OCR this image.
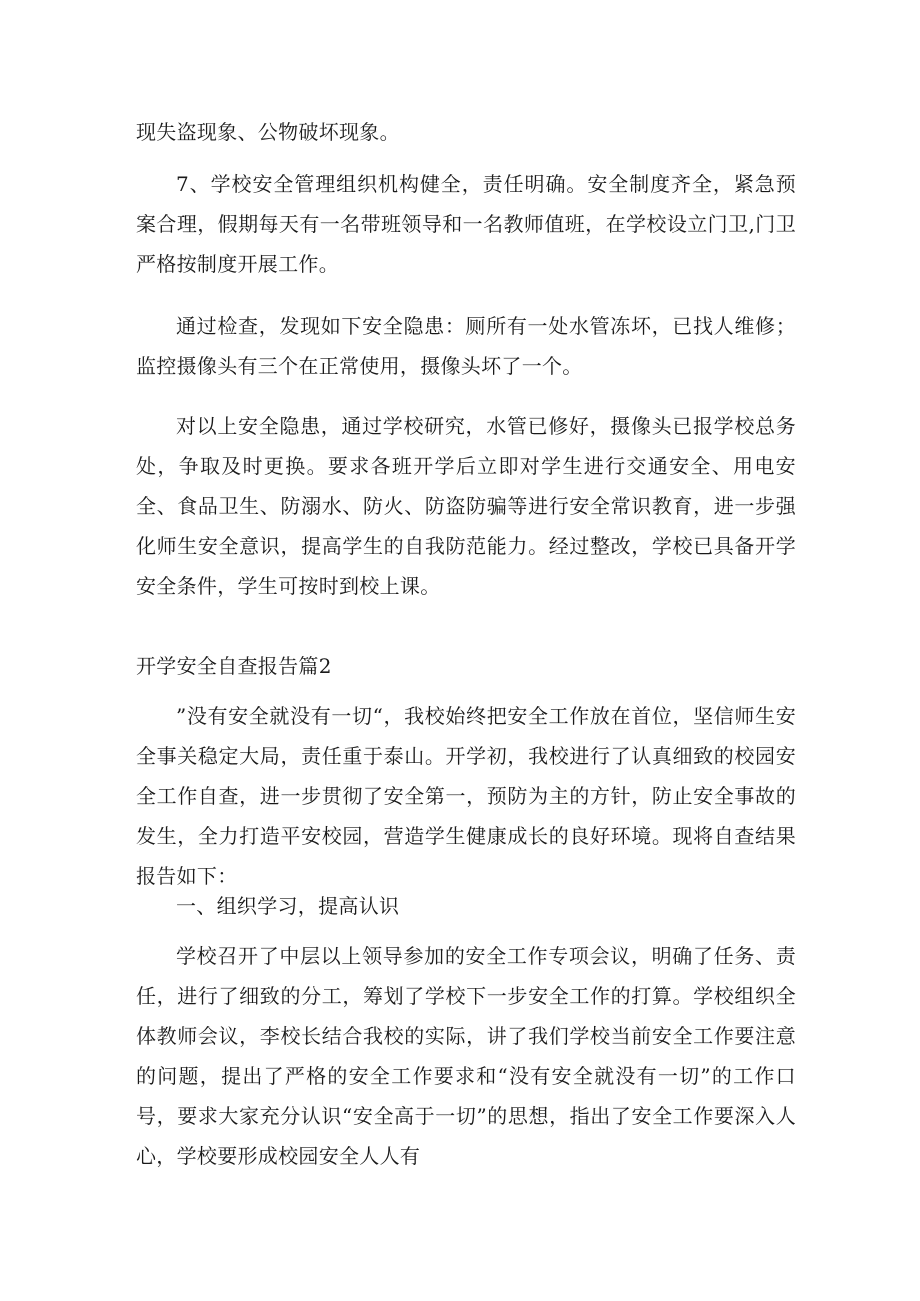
现失盗现象、公物破坏现象。

7、学校安全管理组织机构健全，责任明确。安全制度齐全，紧急预案合理，假期每天有一名带班领导和一名教师值班，在学校设立门卫,门卫严格按制度开展工作。

通过检查，发现如下安全隐患：厕所有一处水管冻坏，已找人维修；监控摄像头有三个在正常使用，摄像头坏了一个。

对以上安全隐患，通过学校研究，水管已修好，摄像头已报学校总务处，争取及时更换。要求各班开学后立即对学生进行交通安全、用电安全、食品卫生、防溺水、防火、防盗防骗等进行安全常识教育，进一步强化师生安全意识，提高学生的自我防范能力。经过整改，学校已具备开学安全条件，学生可按时到校上课。

开学安全自查报告篇2

”没有安全就没有一切“，我校始终把安全工作放在首位，坚信师生安全事关稳定大局，责任重于泰山。开学初，我校进行了认真细致的校园安全工作自查，进一步贯彻了安全第一，预防为主的方针，防止安全事故的发生，全力打造平安校园，营造学生健康成长的良好环境。现将自查结果报告如下：

一、组织学习，提高认识

学校召开了中层以上领导参加的安全工作专项会议，明确了任务、责任，进行了细致的分工，筹划了学校下一步安全工作的打算。学校组织全体教师会议，李校长结合我校的实际，讲了我们学校当前安全工作要注意的问题，提出了严格的安全工作要求和“没有安全就没有一切”的工作口号，要求大家充分认识“安全高于一切”的思想，指出了安全工作要深入人心，学校要形成校园安全人人有
